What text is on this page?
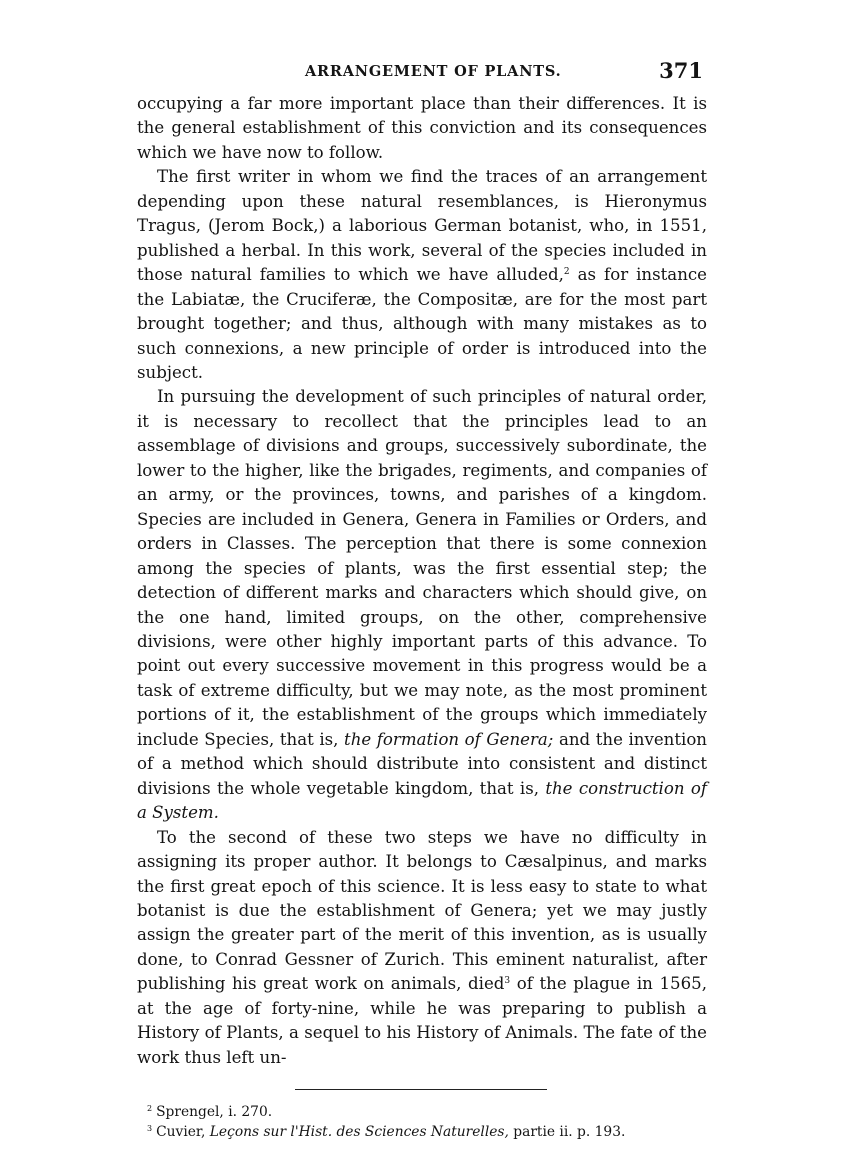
ARRANGEMENT OF PLANTS.	371

occupying a far more important place than their differences. It is the general establishment of this conviction and its consequences which we have now to follow.

The first writer in whom we find the traces of an arrangement depending upon these natural resemblances, is Hieronymus Tragus, (Jerom Bock,) a laborious German botanist, who, in 1551, published a herbal. In this work, several of the species included in those natural families to which we have alluded,$^2$ as for instance the Labiatæ, the Cruciferæ, the Compositæ, are for the most part brought together; and thus, although with many mistakes as to such connexions, a new principle of order is introduced into the subject.

In pursuing the development of such principles of natural order, it is necessary to recollect that the principles lead to an assemblage of divisions and groups, successively subordinate, the lower to the higher, like the brigades, regiments, and companies of an army, or the provinces, towns, and parishes of a kingdom. Species are included in Genera, Genera in Families or Orders, and orders in Classes. The perception that there is some connexion among the species of plants, was the first essential step; the detection of different marks and characters which should give, on the one hand, limited groups, on the other, comprehensive divisions, were other highly important parts of this advance. To point out every successive movement in this progress would be a task of extreme difficulty, but we may note, as the most prominent portions of it, the establishment of the groups which immediately include Species, that is, the formation of Genera; and the invention of a method which should distribute into consistent and distinct divisions the whole vegetable kingdom, that is, the construction of a System.

To the second of these two steps we have no difficulty in assigning its proper author. It belongs to Cæsalpinus, and marks the first great epoch of this science. It is less easy to state to what botanist is due the establishment of Genera; yet we may justly assign the greater part of the merit of this invention, as is usually done, to Conrad Gessner of Zurich. This eminent naturalist, after publishing his great work on animals, died$^3$ of the plague in 1565, at the age of forty-nine, while he was preparing to publish a History of Plants, a sequel to his History of Animals. The fate of the work thus left un-

$^2$ Sprengel, i. 270.
$^3$ Cuvier, Leçons sur l'Hist. des Sciences Naturelles, partie ii. p. 193.
